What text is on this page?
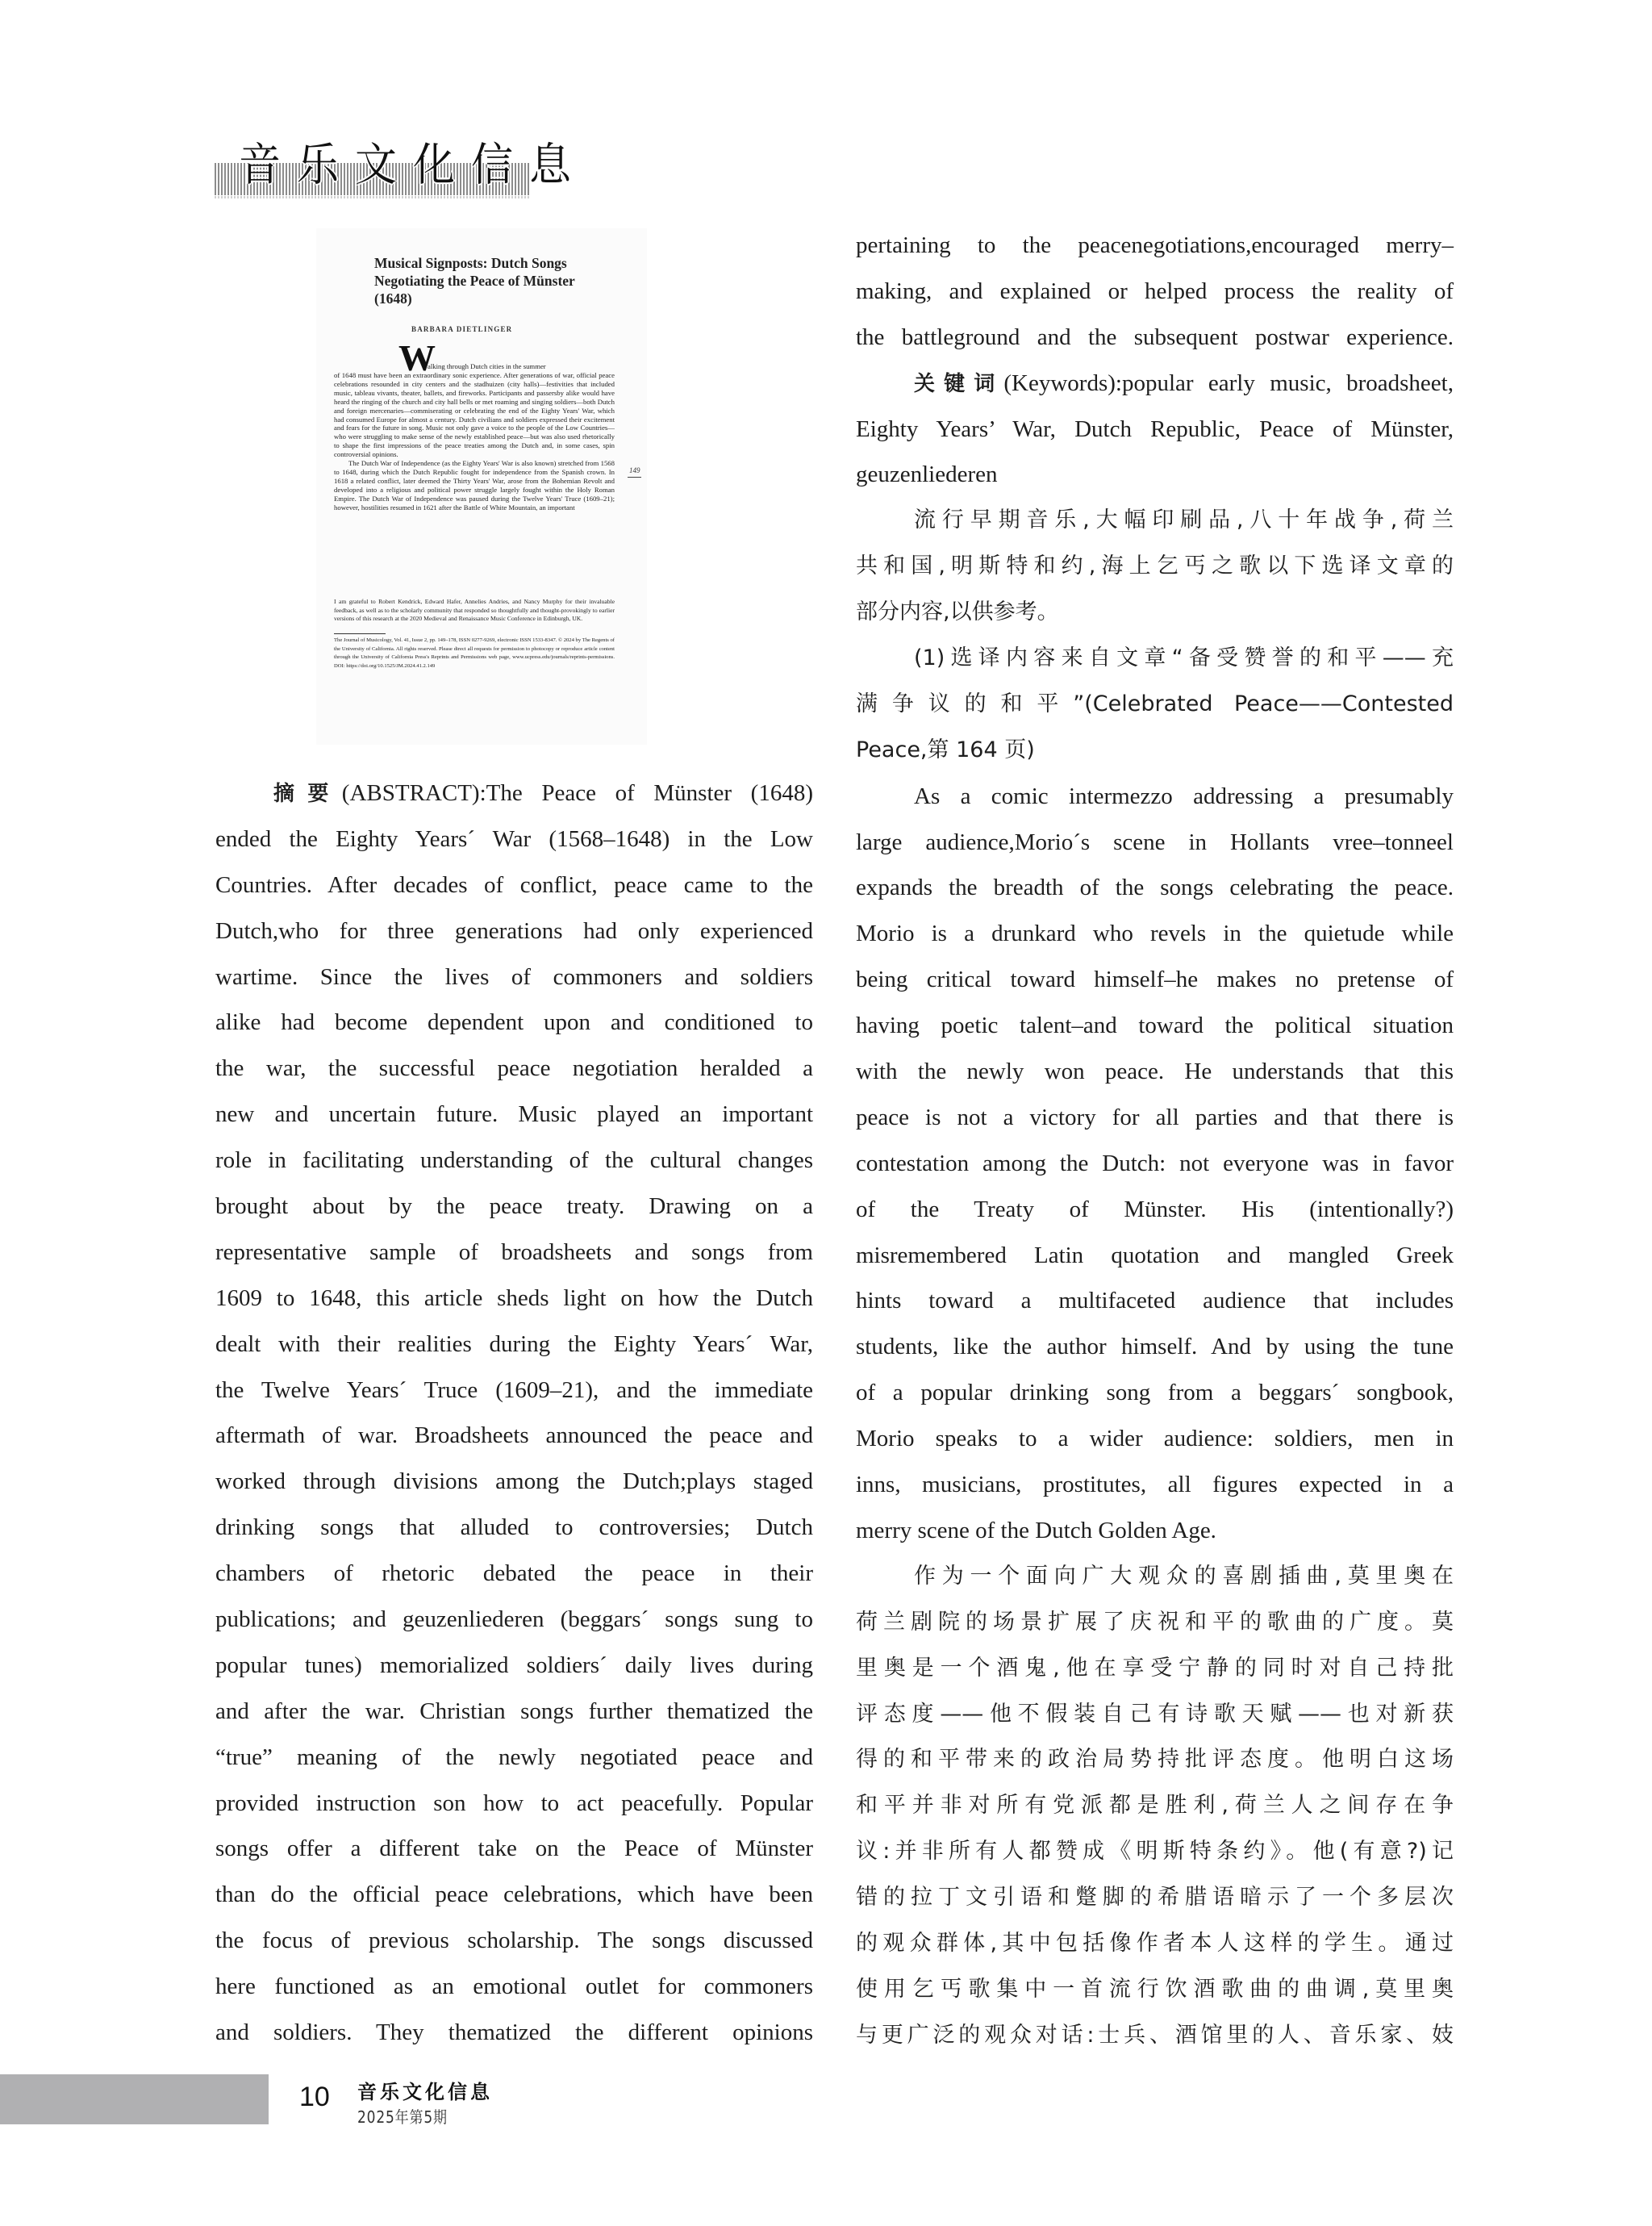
音乐文化信息
Musical Signposts: Dutch Songs Negotiating the Peace of Münster (1648)
BARBARA DIETLINGER
W
alking through Dutch cities in the summer

of 1648 must have been an extraordinary sonic experience. After generations of war, official peace celebrations resounded in city centers and the stadhuizen (city halls)—festivities that included music, tableau vivants, theater, ballets, and fireworks. Participants and passersby alike would have heard the ringing of the church and city hall bells or met roaming and singing soldiers—both Dutch and foreign mercenaries—commiserating or celebrating the end of the Eighty Years' War, which had consumed Europe for almost a century. Dutch civilians and soldiers expressed their excitement and fears for the future in song. Music not only gave a voice to the people of the Low Countries—who were struggling to make sense of the newly established peace—but was also used rhetorically to shape the first impressions of the peace treaties among the Dutch and, in some cases, spin controversial opinions.

The Dutch War of Independence (as the Eighty Years' War is also known) stretched from 1568 to 1648, during which the Dutch Republic fought for independence from the Spanish crown. In 1618 a related conflict, later deemed the Thirty Years' War, arose from the Bohemian Revolt and developed into a religious and political power struggle largely fought within the Holy Roman Empire. The Dutch War of Independence was paused during the Twelve Years' Truce (1609–21); however, hostilities resumed in 1621 after the Battle of White Mountain, an important

149
I am grateful to Robert Kendrick, Edward Hafer, Annelies Andries, and Nancy Murphy for their invaluable feedback, as well as to the scholarly community that responded so thoughtfully and thought-provokingly to earlier versions of this research at the 2020 Medieval and Renaissance Music Conference in Edinburgh, UK.
The Journal of Musicology, Vol. 41, Issue 2, pp. 149–178, ISSN 0277-9269, electronic ISSN 1533-8347. © 2024 by The Regents of the University of California. All rights reserved. Please direct all requests for permission to photocopy or reproduce article content through the University of California Press's Reprints and Permissions web page, www.ucpress.edu/journals/reprints-permissions. DOI: https://doi.org/10.1525/JM.2024.41.2.149
摘要(ABSTRACT):The Peace of Münster (1648)
ended the Eighty Years´ War (1568–1648) in the Low
Countries. After decades of conflict, peace came to the
Dutch,who for three generations had only experienced
wartime. Since the lives of commoners and soldiers
alike had become dependent upon and conditioned to
the war, the successful peace negotiation heralded a
new and uncertain future. Music played an important
role in facilitating understanding of the cultural changes
brought about by the peace treaty. Drawing on a
representative sample of broadsheets and songs from
1609 to 1648, this article sheds light on how the Dutch
dealt with their realities during the Eighty Years´ War,
the Twelve Years´ Truce (1609–21), and the immediate
aftermath of war. Broadsheets announced the peace and
worked through divisions among the Dutch;plays staged
drinking songs that alluded to controversies; Dutch
chambers of rhetoric debated the peace in their
publications; and geuzenliederen (beggars´ songs sung to
popular tunes) memorialized soldiers´ daily lives during
and after the war. Christian songs further thematized the
“true” meaning of the newly negotiated peace and
provided instruction son how to act peacefully. Popular
songs offer a different take on the Peace of Münster
than do the official peace celebrations, which have been
the focus of previous scholarship. The songs discussed
here functioned as an emotional outlet for commoners
and soldiers. They thematized the different opinions
pertaining to the peacenegotiations,encouraged merry–
making, and explained or helped process the reality of
the battleground and the subsequent postwar experience.
关键词(Keywords):popular early music, broadsheet,
Eighty Years’ War, Dutch Republic, Peace of Münster,
geuzenliederen
流行早期音乐,大幅印刷品,八十年战争,荷兰
共和国,明斯特和约,海上乞丐之歌以下选译文章的
部分内容,以供参考。
(1)选译内容来自文章“备受赞誉的和平——充
满争议的和平”(Celebrated Peace——Contested
Peace,第 164 页)
As a comic intermezzo addressing a presumably
large audience,Morio´s scene in Hollants vree–tonneel
expands the breadth of the songs celebrating the peace.
Morio is a drunkard who revels in the quietude while
being critical toward himself–he makes no pretense of
having poetic talent–and toward the political situation
with the newly won peace. He understands that this
peace is not a victory for all parties and that there is
contestation among the Dutch: not everyone was in favor
of the Treaty of Münster. His (intentionally?)
misremembered Latin quotation and mangled Greek
hints toward a multifaceted audience that includes
students, like the author himself. And by using the tune
of a popular drinking song from a beggars´ songbook,
Morio speaks to a wider audience: soldiers, men in
inns, musicians, prostitutes, all figures expected in a
merry scene of the Dutch Golden Age.
作为一个面向广大观众的喜剧插曲,莫里奥在
荷兰剧院的场景扩展了庆祝和平的歌曲的广度。莫
里奥是一个酒鬼,他在享受宁静的同时对自己持批
评态度——他不假装自己有诗歌天赋——也对新获
得的和平带来的政治局势持批评态度。他明白这场
和平并非对所有党派都是胜利,荷兰人之间存在争
议:并非所有人都赞成《明斯特条约》。他(有意?)记
错的拉丁文引语和蹩脚的希腊语暗示了一个多层次
的观众群体,其中包括像作者本人这样的学生。通过
使用乞丐歌集中一首流行饮酒歌曲的曲调,莫里奥
与更广泛的观众对话:士兵、酒馆里的人、音乐家、妓
10 音乐文化信息
2025年第5期
